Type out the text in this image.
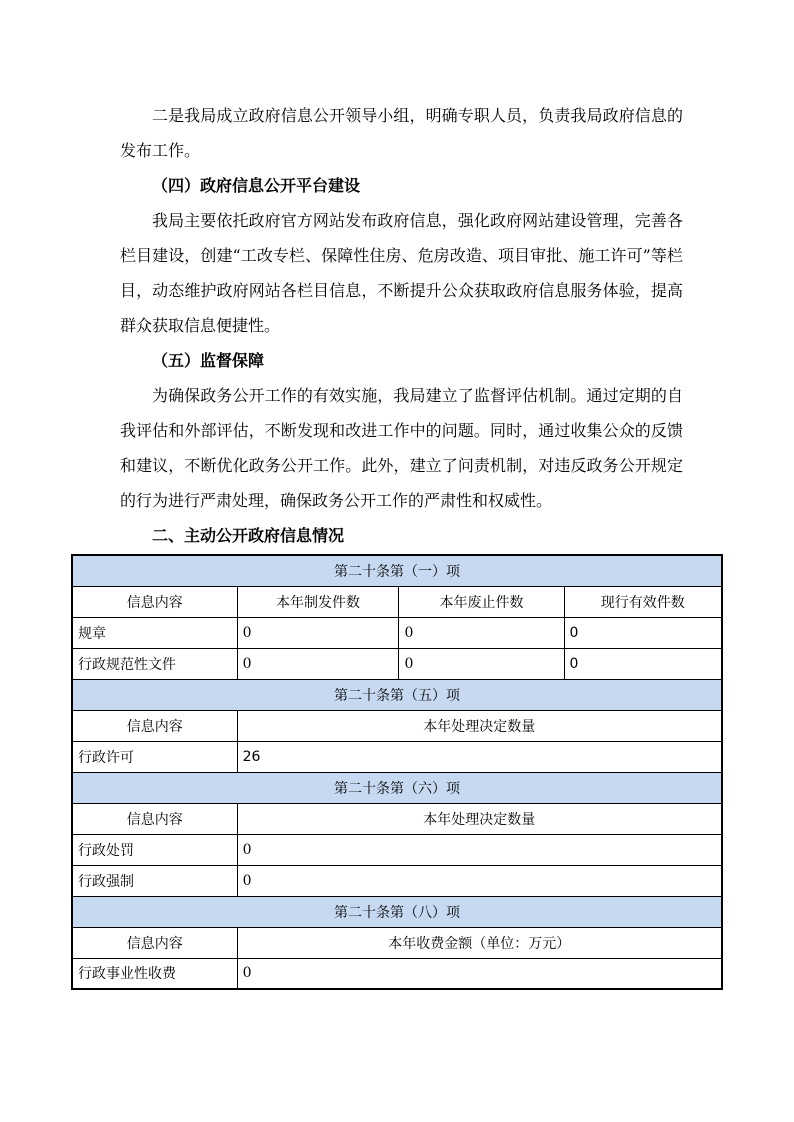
二是我局成立政府信息公开领导小组，明确专职人员，负责我局政府信息的发布工作。

（四）政府信息公开平台建设

我局主要依托政府官方网站发布政府信息，强化政府网站建设管理，完善各栏目建设，创建“工改专栏、保障性住房、危房改造、项目审批、施工许可”等栏目，动态维护政府网站各栏目信息，不断提升公众获取政府信息服务体验，提高群众获取信息便捷性。

（五）监督保障

为确保政务公开工作的有效实施，我局建立了监督评估机制。通过定期的自我评估和外部评估，不断发现和改进工作中的问题。同时，通过收集公众的反馈和建议，不断优化政务公开工作。此外，建立了问责机制，对违反政务公开规定的行为进行严肃处理，确保政务公开工作的严肃性和权威性。

二、主动公开政府信息情况

第二十条第（一）项			
信息内容	本年制发件数	本年废止件数	现行有效件数
规章	0	0	0
行政规范性文件	0	0	0
第二十条第（五）项			
信息内容	本年处理决定数量		
行政许可	26		
第二十条第（六）项			
信息内容	本年处理决定数量		
行政处罚	0		
行政强制	0		
第二十条第（八）项			
信息内容	本年收费金额（单位：万元）		
行政事业性收费	0		
